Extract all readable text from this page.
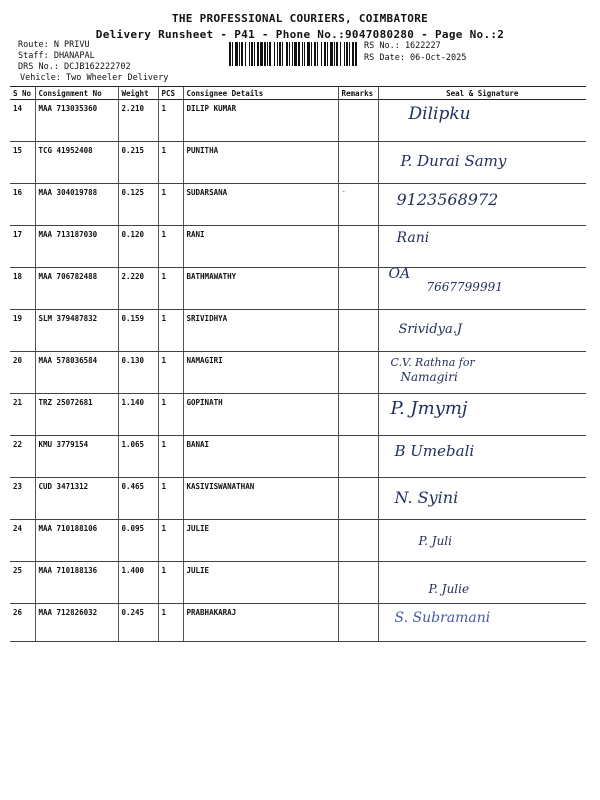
THE PROFESSIONAL COURIERS, COIMBATORE
Delivery Runsheet - P41 - Phone No.:9047080280 - Page No.:2
Route: N PRIVU
Staff: DHANAPAL
DRS No.: DCJB162222702
Vehicle: Two Wheeler Delivery
RS No.: 1622227
RS Date: 06-Oct-2025
S No	Consignment No	Weight	PCS	Consignee Details	Remarks	Seal & Signature
14	MAA 713035360	2.210	1	DILIP KUMAR		Dilipku

15	TCG 41952408	0.215	1	PUNITHA		P. Durai Samy

16	MAA 304019788	0.125	1	SUDARSANA	-	9123568972

17	MAA 713187030	0.120	1	RANI		Rani

18	MAA 706782488	2.220	1	BATHMAWATHY		OA
7667799991

19	SLM 379487832	0.159	1	SRIVIDHYA		Srividya.J

20	MAA 578036584	0.130	1	NAMAGIRI		C.V. Rathna for
Namagiri

21	TRZ 25072681	1.140	1	GOPINATH		P. Jmymj

22	KMU 3779154	1.065	1	BANAI		B Umebali

23	CUD 3471312	0.465	1	KASIVISWANATHAN		N. Syini

24	MAA 710188106	0.095	1	JULIE		P. Juli

25	MAA 710188136	1.400	1	JULIE		P. Julie

26	MAA 712826032	0.245	1	PRABHAKARAJ		S. Subramani
